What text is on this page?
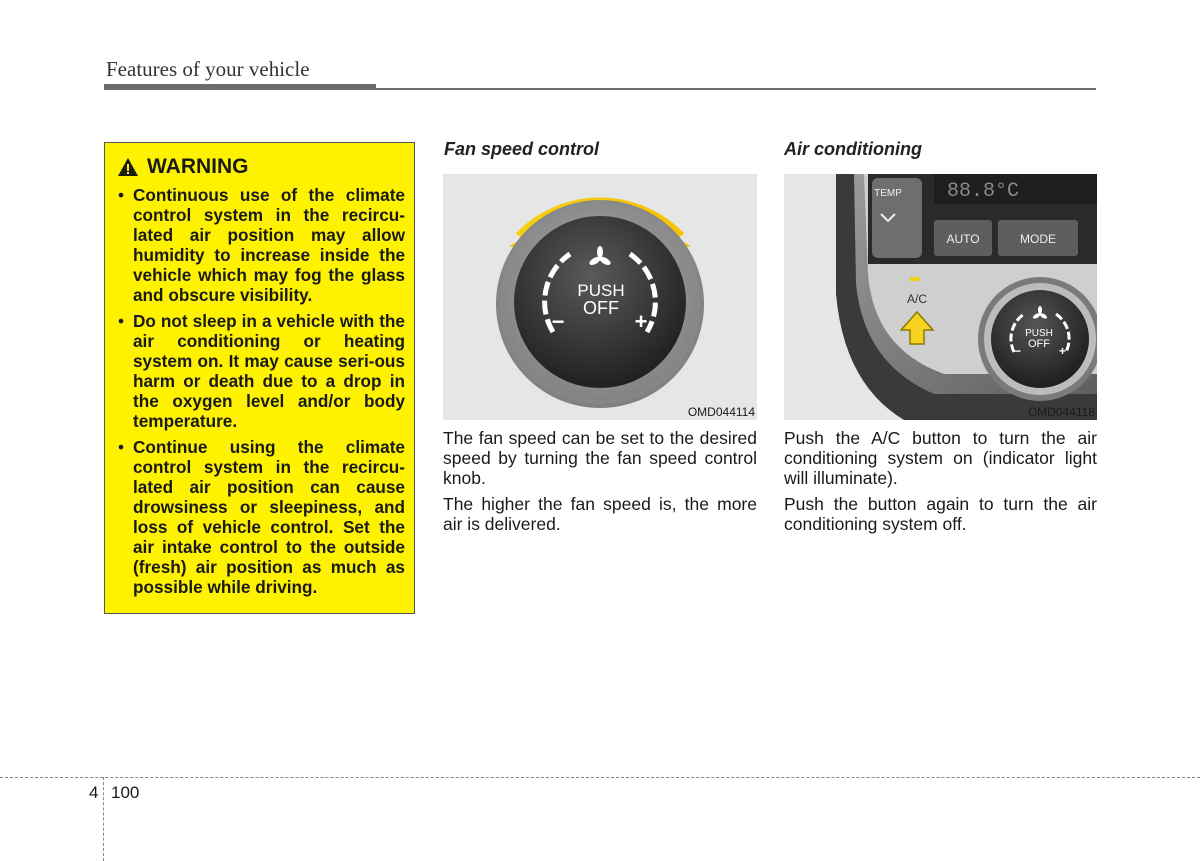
Features of your vehicle
WARNING
• Continuous use of the climate control system in the recircu-lated air position may allow humidity to increase inside the vehicle which may fog the glass and obscure visibility.
• Do not sleep in a vehicle with the air conditioning or heating system on. It may cause seri-ous harm or death due to a drop in the oxygen level and/or body temperature.
• Continue using the climate control system in the recircu-lated air position can cause drowsiness or sleepiness, and loss of vehicle control. Set the air intake control to the outside (fresh) air position as much as possible while driving.
Fan speed control
PUSH
OFF
−	+
OMD044114

The fan speed can be set to the desired speed by turning the fan speed control knob.

The higher the fan speed is, the more air is delivered.

Air conditioning
TEMP 88.8°C
AUTO	MODE
A/C
PUSH
OFF
−	+
OMD044118

Push the A/C button to turn the air conditioning system on (indicator light will illuminate).

Push the button again to turn the air conditioning system off.

4 100
